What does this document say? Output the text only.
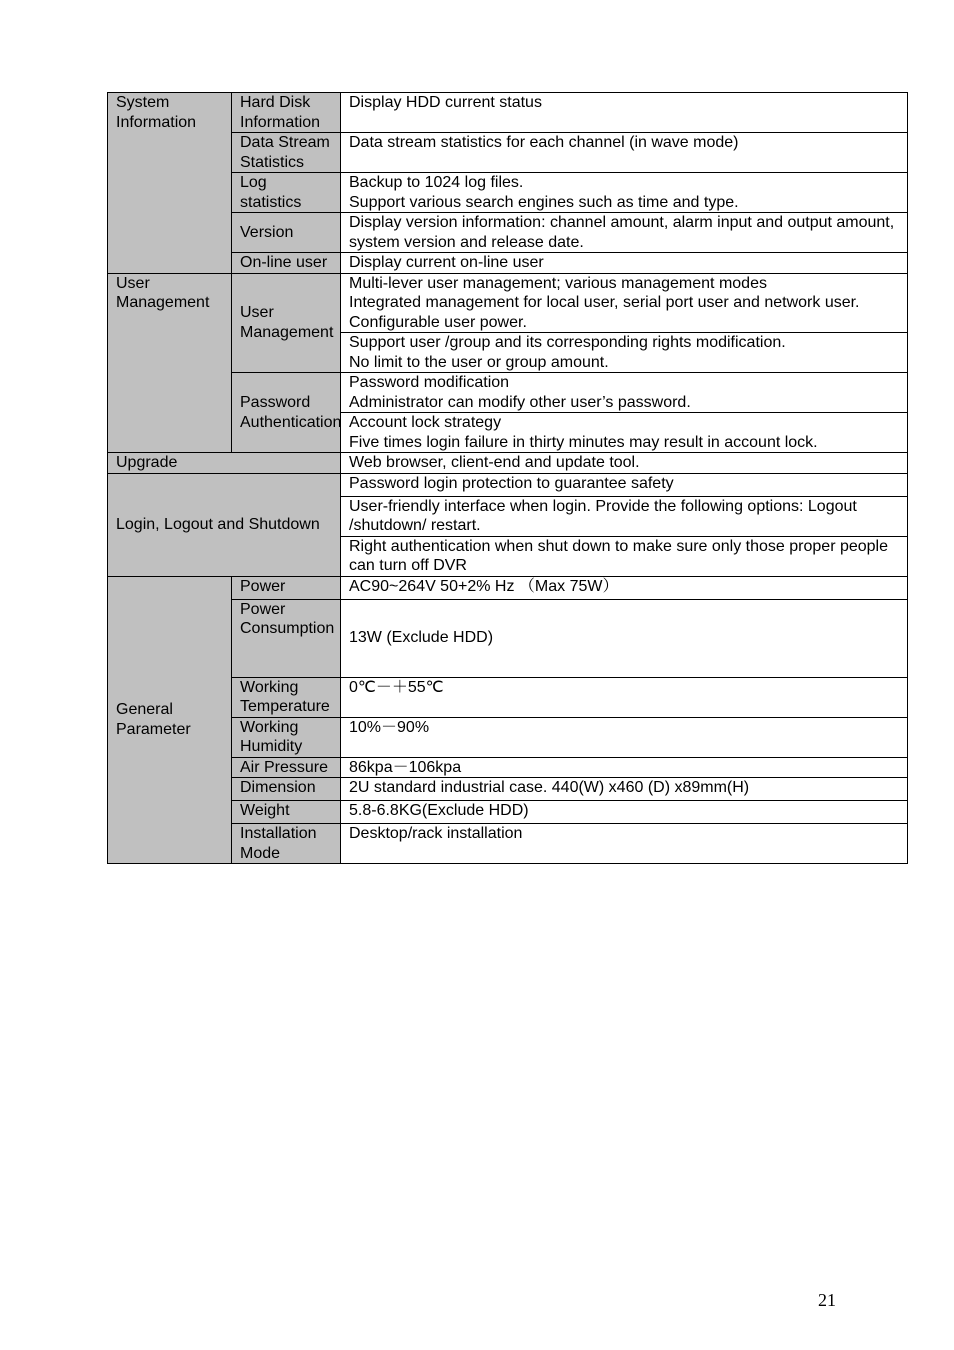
System Information	Hard Disk Information	Display HDD current status

	Data Stream Statistics	Data stream statistics for each channel (in wave mode)

	Log statistics	Backup to 1024 log files.
Support various search engines such as time and type.

	Version	Display version information: channel amount, alarm input and output amount, system version and release date.

	On-line user	Display current on-line user

User Management	User Management	Multi-lever user management; various management modes
Integrated management for local user, serial port user and network user. Configurable user power.

		Support user /group and its corresponding rights modification.
No limit to the user or group amount.

	Password Authentication	Password modification
Administrator can modify other user’s password.

		Account lock strategy
Five times login failure in thirty minutes may result in account lock.

Upgrade		Web browser, client-end and update tool.

Login, Logout and Shutdown		Password login protection to guarantee safety

		User-friendly interface when login. Provide the following options: Logout /shutdown/ restart.

		Right authentication when shut down to make sure only those proper people can turn off DVR

General Parameter	Power	AC90~264V 50+2% Hz （Max 75W）

	Power Consumption	13W (Exclude HDD)

	Working Temperature	0℃－＋55℃

	Working Humidity	10%－90%

	Air Pressure	86kpa－106kpa

	Dimension	2U standard industrial case. 440(W) x460 (D) x89mm(H)

	Weight	5.8-6.8KG(Exclude HDD)

	Installation Mode	Desktop/rack installation
21
